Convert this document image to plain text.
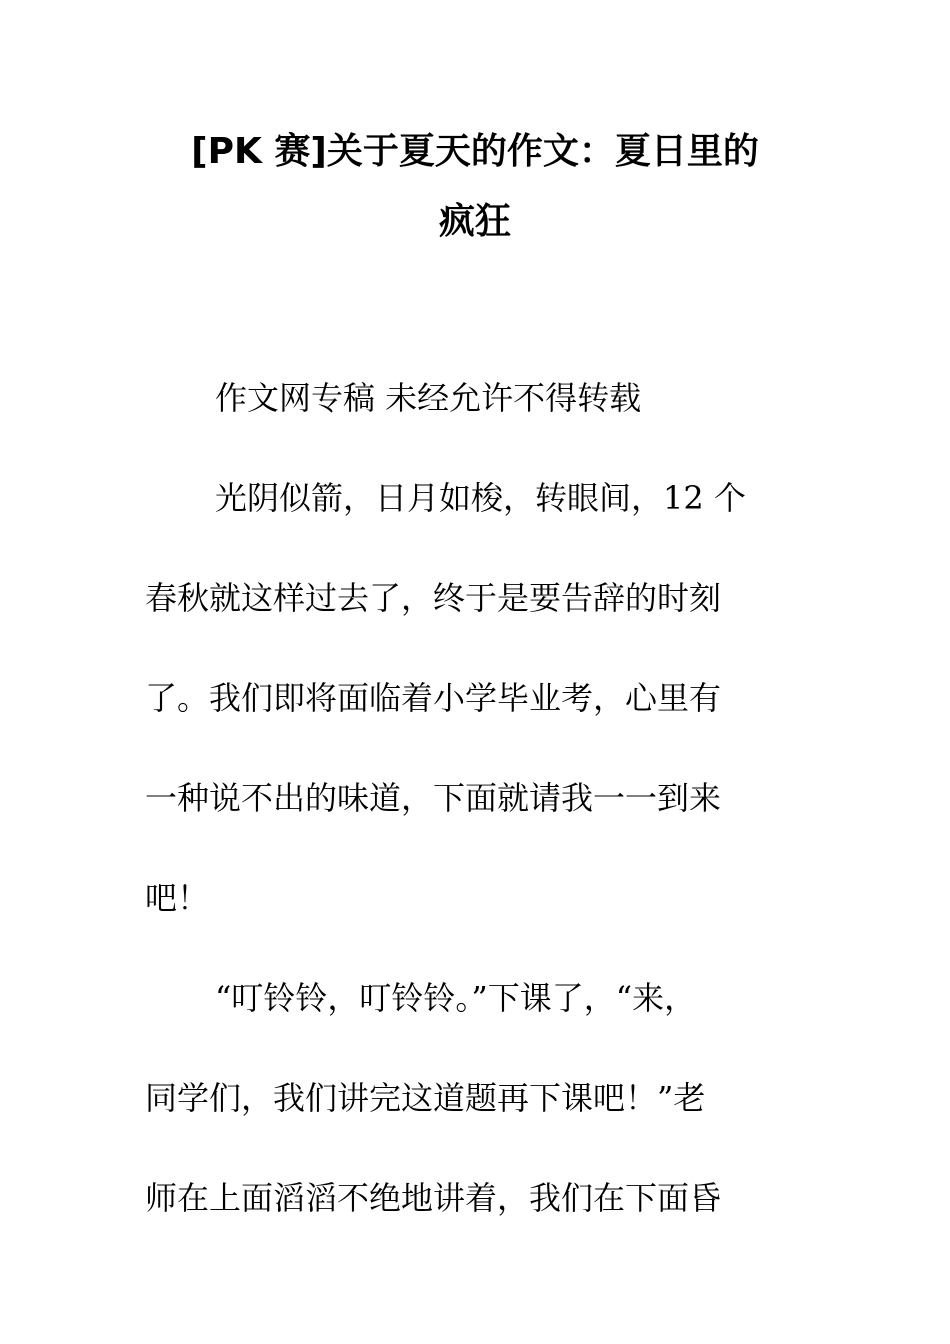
[PK 赛]关于夏天的作文：夏日里的
疯狂

作文网专稿 未经允许不得转载

光阴似箭，日月如梭，转眼间，12 个

春秋就这样过去了，终于是要告辞的时刻

了。我们即将面临着小学毕业考，心里有

一种说不出的味道，下面就请我一一到来

吧！

“叮铃铃，叮铃铃。”下课了，“来，

同学们，我们讲完这道题再下课吧！”老

师在上面滔滔不绝地讲着，我们在下面昏
